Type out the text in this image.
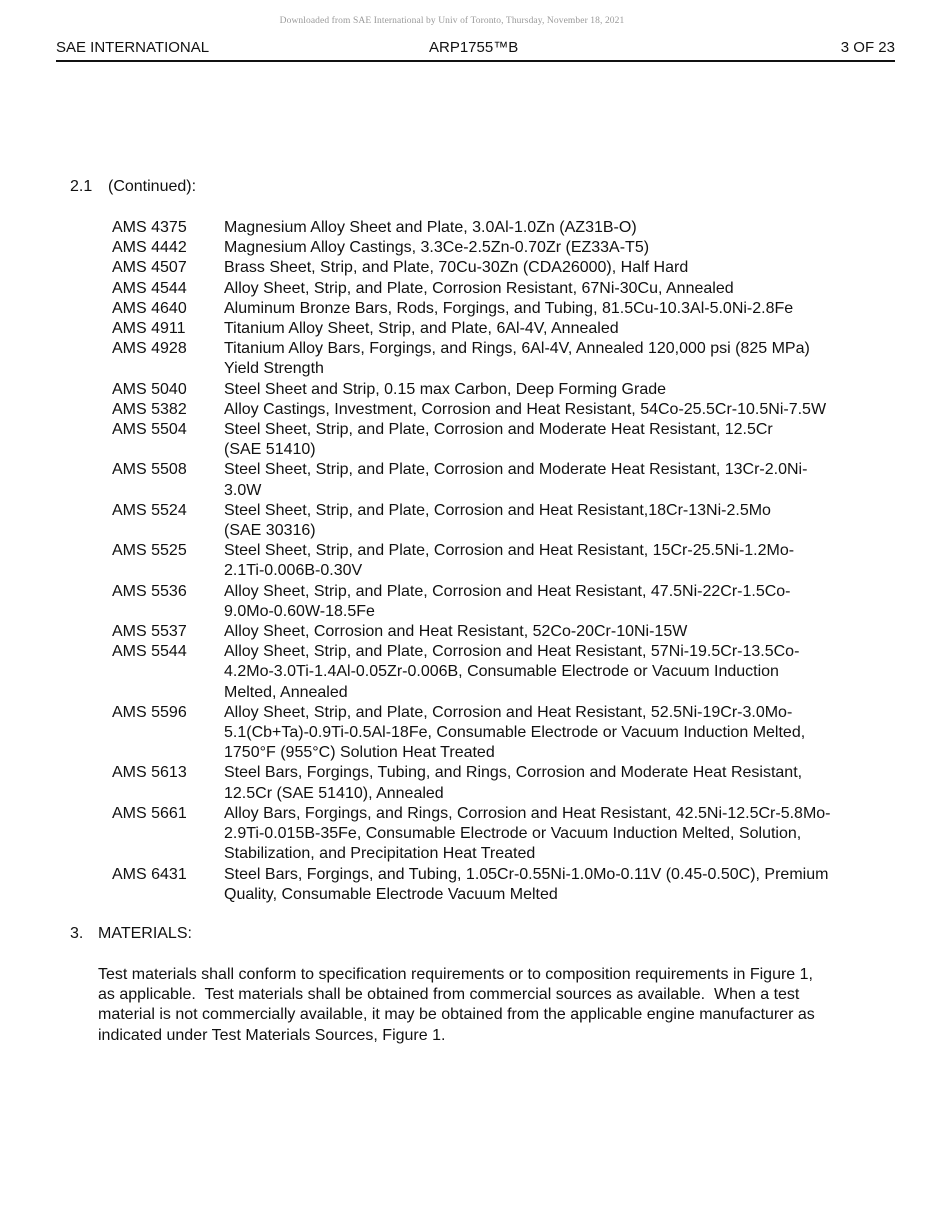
Downloaded from SAE International by Univ of Toronto, Thursday, November 18, 2021
SAE INTERNATIONAL	ARP1755™B	3 OF 23
2.1 (Continued):
AMS 4375	Magnesium Alloy Sheet and Plate, 3.0Al-1.0Zn (AZ31B-O)
AMS 4442	Magnesium Alloy Castings, 3.3Ce-2.5Zn-0.70Zr (EZ33A-T5)
AMS 4507	Brass Sheet, Strip, and Plate, 70Cu-30Zn (CDA26000), Half Hard
AMS 4544	Alloy Sheet, Strip, and Plate, Corrosion Resistant, 67Ni-30Cu, Annealed
AMS 4640	Aluminum Bronze Bars, Rods, Forgings, and Tubing, 81.5Cu-10.3Al-5.0Ni-2.8Fe
AMS 4911	Titanium Alloy Sheet, Strip, and Plate, 6Al-4V, Annealed
AMS 4928	Titanium Alloy Bars, Forgings, and Rings, 6Al-4V, Annealed 120,000 psi (825 MPa)
Yield Strength
AMS 5040	Steel Sheet and Strip, 0.15 max Carbon, Deep Forming Grade
AMS 5382	Alloy Castings, Investment, Corrosion and Heat Resistant, 54Co-25.5Cr-10.5Ni-7.5W
AMS 5504	Steel Sheet, Strip, and Plate, Corrosion and Moderate Heat Resistant, 12.5Cr
(SAE 51410)
AMS 5508	Steel Sheet, Strip, and Plate, Corrosion and Moderate Heat Resistant, 13Cr-2.0Ni-
3.0W
AMS 5524	Steel Sheet, Strip, and Plate, Corrosion and Heat Resistant,18Cr-13Ni-2.5Mo
(SAE 30316)
AMS 5525	Steel Sheet, Strip, and Plate, Corrosion and Heat Resistant, 15Cr-25.5Ni-1.2Mo-
2.1Ti-0.006B-0.30V
AMS 5536	Alloy Sheet, Strip, and Plate, Corrosion and Heat Resistant, 47.5Ni-22Cr-1.5Co-
9.0Mo-0.60W-18.5Fe
AMS 5537	Alloy Sheet, Corrosion and Heat Resistant, 52Co-20Cr-10Ni-15W
AMS 5544	Alloy Sheet, Strip, and Plate, Corrosion and Heat Resistant, 57Ni-19.5Cr-13.5Co-
4.2Mo-3.0Ti-1.4Al-0.05Zr-0.006B, Consumable Electrode or Vacuum Induction
Melted, Annealed
AMS 5596	Alloy Sheet, Strip, and Plate, Corrosion and Heat Resistant, 52.5Ni-19Cr-3.0Mo-
5.1(Cb+Ta)-0.9Ti-0.5Al-18Fe, Consumable Electrode or Vacuum Induction Melted,
1750°F (955°C) Solution Heat Treated
AMS 5613	Steel Bars, Forgings, Tubing, and Rings, Corrosion and Moderate Heat Resistant,
12.5Cr (SAE 51410), Annealed
AMS 5661	Alloy Bars, Forgings, and Rings, Corrosion and Heat Resistant, 42.5Ni-12.5Cr-5.8Mo-
2.9Ti-0.015B-35Fe, Consumable Electrode or Vacuum Induction Melted, Solution,
Stabilization, and Precipitation Heat Treated
AMS 6431	Steel Bars, Forgings, and Tubing, 1.05Cr-0.55Ni-1.0Mo-0.11V (0.45-0.50C), Premium
Quality, Consumable Electrode Vacuum Melted
3. MATERIALS:
Test materials shall conform to specification requirements or to composition requirements in Figure 1,
as applicable.  Test materials shall be obtained from commercial sources as available.  When a test
material is not commercially available, it may be obtained from the applicable engine manufacturer as
indicated under Test Materials Sources, Figure 1.
